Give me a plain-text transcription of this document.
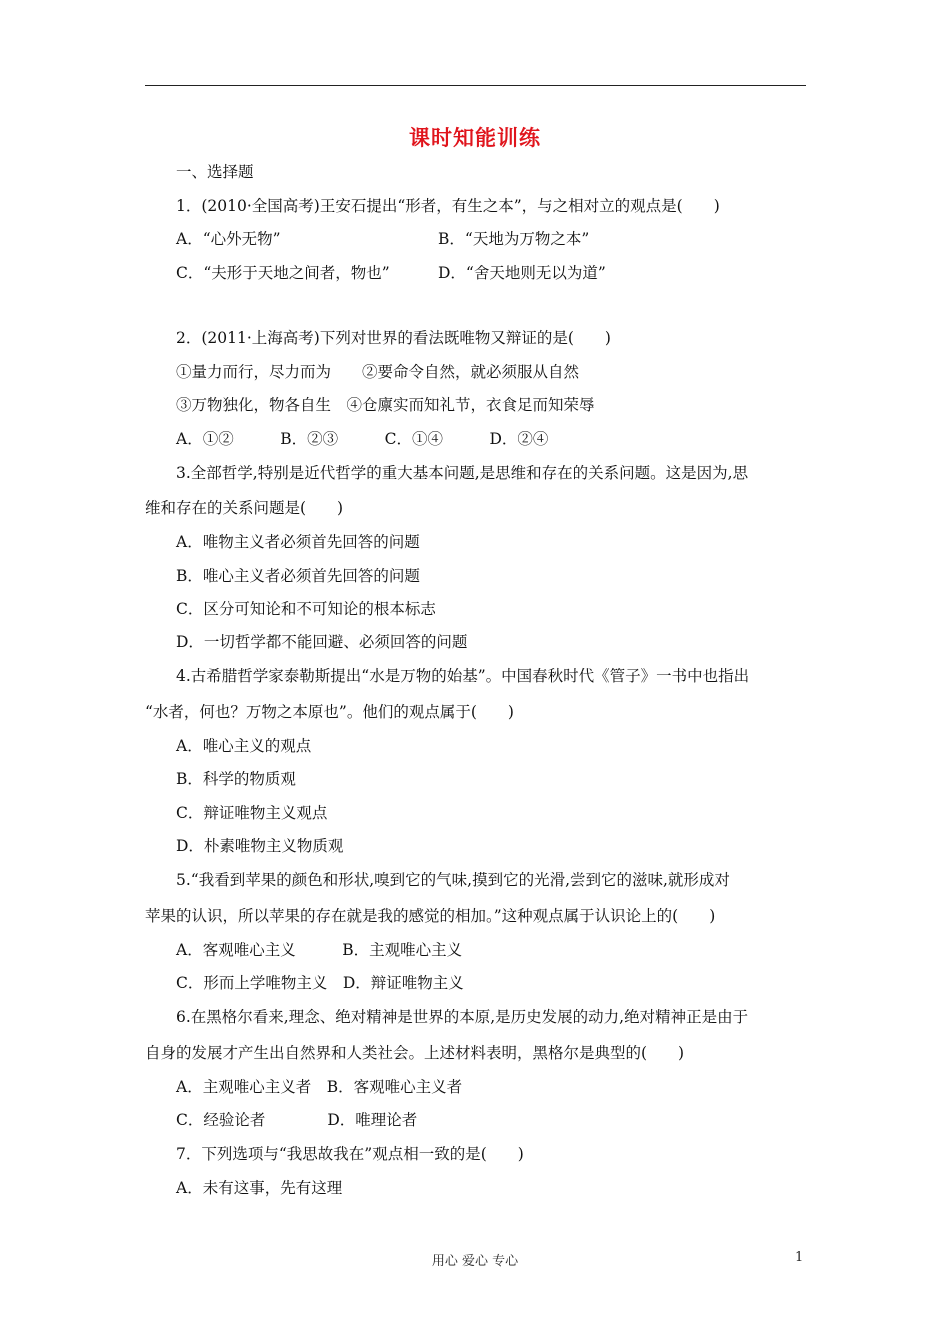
课时知能训练
一、选择题
1．(2010·全国高考)王安石提出“形者，有生之本”，与之相对立的观点是(　　)
A．“心外无物”	B．“天地为万物之本”
C．“夫形于天地之间者，物也”	D．“舍天地则无以为道”
2．(2011·上海高考)下列对世界的看法既唯物又辩证的是(　　)
①量力而行，尽力而为　　②要命令自然，就必须服从自然
③万物独化，物各自生　④仓廪实而知礼节，衣食足而知荣辱
A．①②　　　B．②③　　　C．①④　　　D．②④
3.全部哲学,特别是近代哲学的重大基本问题,是思维和存在的关系问题。这是因为,思
维和存在的关系问题是(　　)
A．唯物主义者必须首先回答的问题
B．唯心主义者必须首先回答的问题
C．区分可知论和不可知论的根本标志
D．一切哲学都不能回避、必须回答的问题
4.古希腊哲学家泰勒斯提出“水是万物的始基”。中国春秋时代《管子》一书中也指出
“水者，何也？万物之本原也”。他们的观点属于(　　)
A．唯心主义的观点
B．科学的物质观
C．辩证唯物主义观点
D．朴素唯物主义物质观
5.“我看到苹果的颜色和形状,嗅到它的气味,摸到它的光滑,尝到它的滋味,就形成对
苹果的认识，所以苹果的存在就是我的感觉的相加。”这种观点属于认识论上的(　　)
A．客观唯心主义　　　B．主观唯心主义
C．形而上学唯物主义　D．辩证唯物主义
6.在黑格尔看来,理念、绝对精神是世界的本原,是历史发展的动力,绝对精神正是由于
自身的发展才产生出自然界和人类社会。上述材料表明，黑格尔是典型的(　　)
A．主观唯心主义者　B．客观唯心主义者
C．经验论者　　　　D．唯理论者
7．下列选项与“我思故我在”观点相一致的是(　　)
A．未有这事，先有这理
用心 爱心 专心	1
